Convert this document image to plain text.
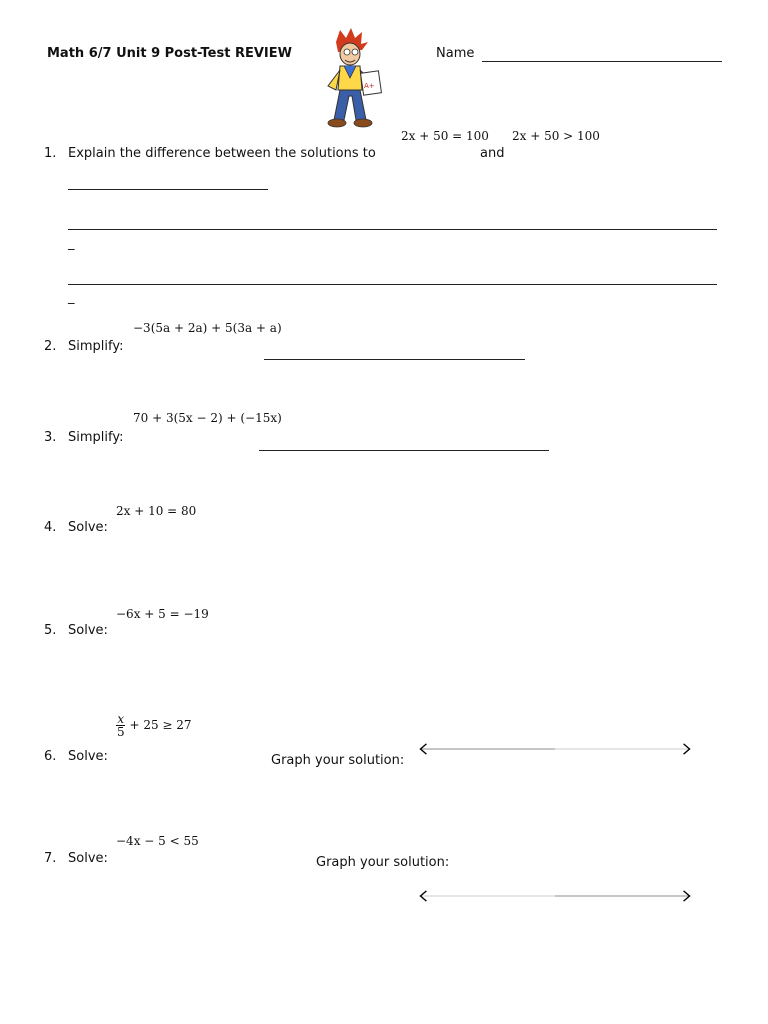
Math 6/7 Unit 9 Post-Test REVIEW
A+
Name
2x + 50 = 100 2x + 50 > 100
1. Explain the difference between the solutions to	and
_
_
−3(5a + 2a) + 5(3a + a)
2. Simplify:
70 + 3(5x − 2) + (−15x)
3. Simplify:
2x + 10 = 80
4. Solve:
−6x + 5 = −19
5. Solve:
$\frac{x}{5} + 25 \ge 27$
6. Solve:	Graph your solution:
−4x − 5 < 55
7. Solve:	Graph your solution:
